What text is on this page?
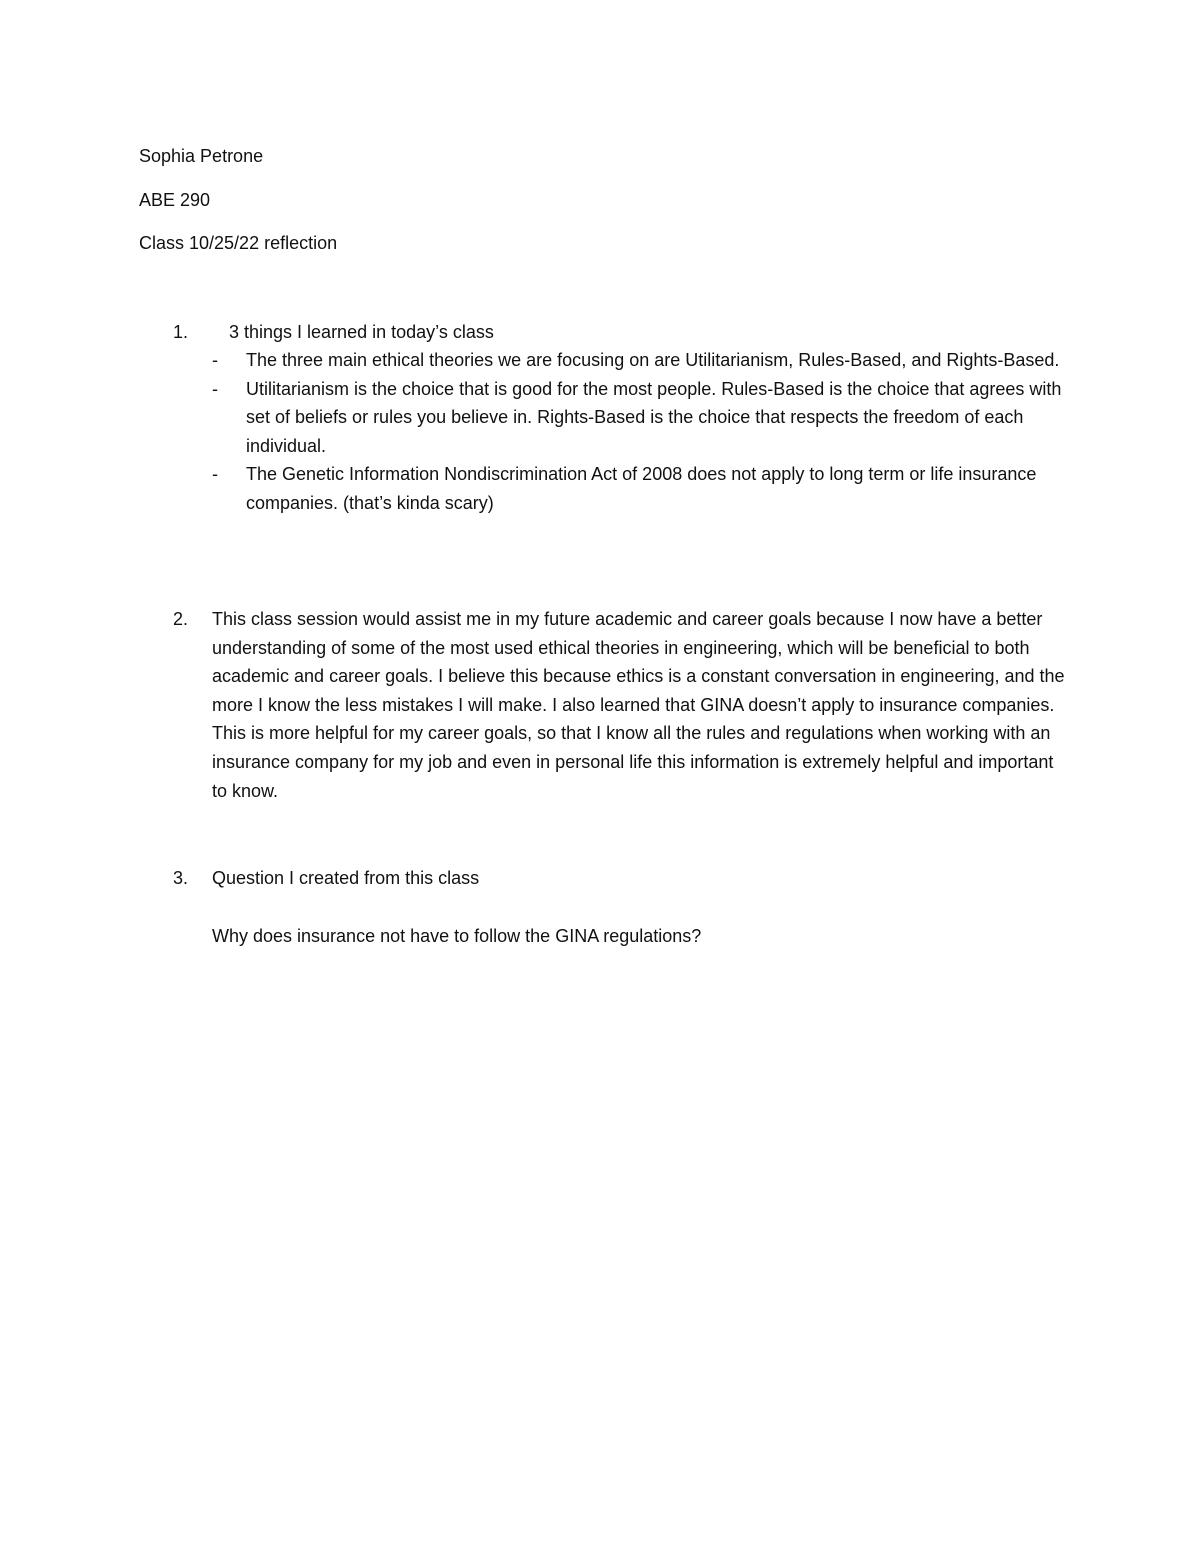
Sophia Petrone

ABE 290

Class 10/25/22 reflection

1. 3 things I learned in today’s class
- The three main ethical theories we are focusing on are Utilitarianism, Rules-Based, and Rights-Based.
- Utilitarianism is the choice that is good for the most people. Rules-Based is the choice that agrees with set of beliefs or rules you believe in. Rights-Based is the choice that respects the freedom of each individual.
- The Genetic Information Nondiscrimination Act of 2008 does not apply to long term or life insurance companies. (that’s kinda scary)
2. This class session would assist me in my future academic and career goals because I now have a better understanding of some of the most used ethical theories in engineering, which will be beneficial to both academic and career goals. I believe this because ethics is a constant conversation in engineering, and the more I know the less mistakes I will make. I also learned that GINA doesn’t apply to insurance companies. This is more helpful for my career goals, so that I know all the rules and regulations when working with an insurance company for my job and even in personal life this information is extremely helpful and important to know.

3. Question I created from this class

Why does insurance not have to follow the GINA regulations?
